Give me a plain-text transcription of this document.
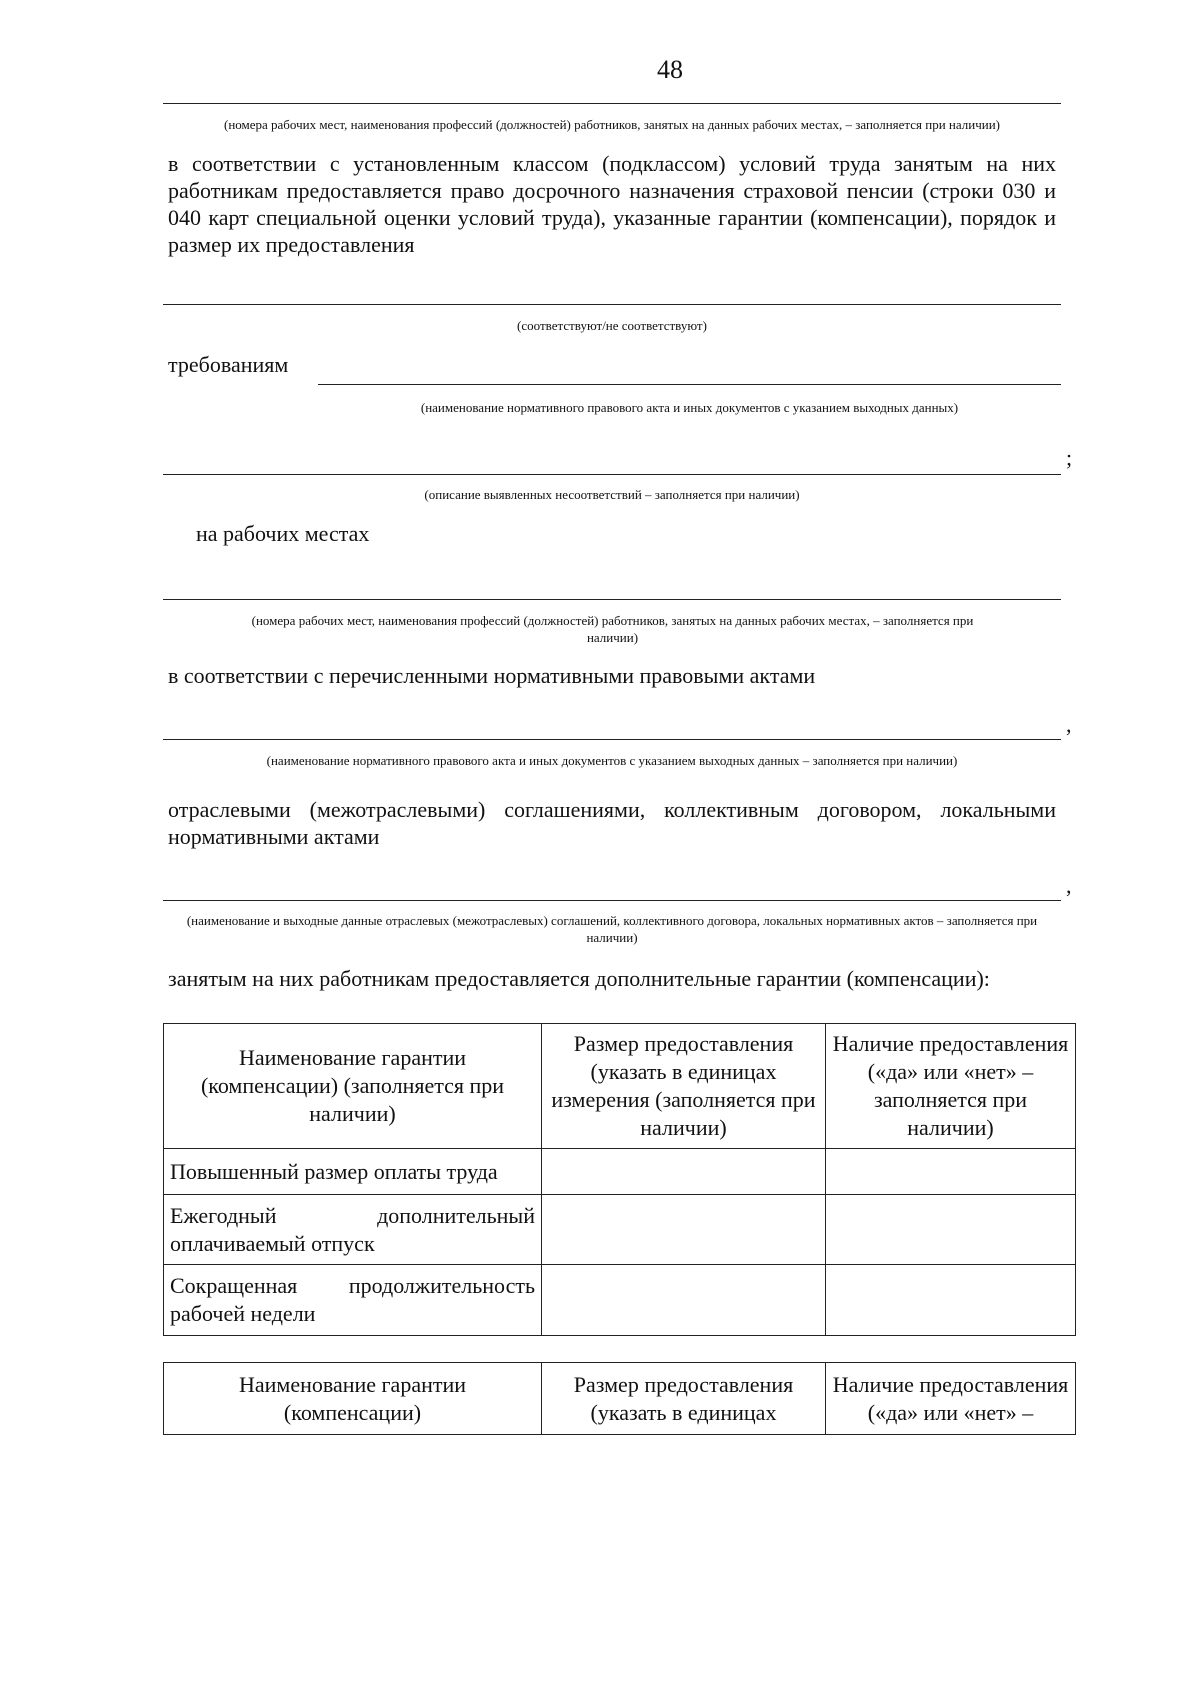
48
(номера рабочих мест, наименования профессий (должностей) работников, занятых на данных рабочих местах, – заполняется при наличии)
в соответствии с установленным классом (подклассом) условий труда занятым на них работникам предоставляется право досрочного назначения страховой пенсии (строки 030 и 040 карт специальной оценки условий труда), указанные гарантии (компенсации), порядок и размер их предоставления
(соответствуют/не соответствуют)
требованиям
(наименование нормативного правового акта и иных документов с указанием выходных данных)
;
(описание выявленных несоответствий – заполняется при наличии)
на рабочих местах
(номера рабочих мест, наименования профессий (должностей) работников, занятых на данных рабочих местах, – заполняется при наличии)
в соответствии с перечисленными нормативными правовыми актами
,
(наименование нормативного правового акта и иных документов с указанием выходных данных – заполняется при наличии)
отраслевыми (межотраслевыми) соглашениями, коллективным договором, локальными нормативными актами
,
(наименование и выходные данные отраслевых (межотраслевых) соглашений, коллективного договора, локальных нормативных актов – заполняется при наличии)
занятым на них работникам предоставляется дополнительные гарантии (компенсации):
Наименование гарантии (компенсации) (заполняется при наличии)	Размер предоставления (указать в единицах измерения (заполняется при наличии)	Наличие предоставления («да» или «нет» – заполняется при наличии)
Повышенный размер оплаты труда		
Ежегодный дополнительный оплачиваемый отпуск		
Сокращенная продолжительность рабочей недели		
Наименование гарантии (компенсации)	Размер предоставления (указать в единицах	Наличие предоставления («да» или «нет» –
